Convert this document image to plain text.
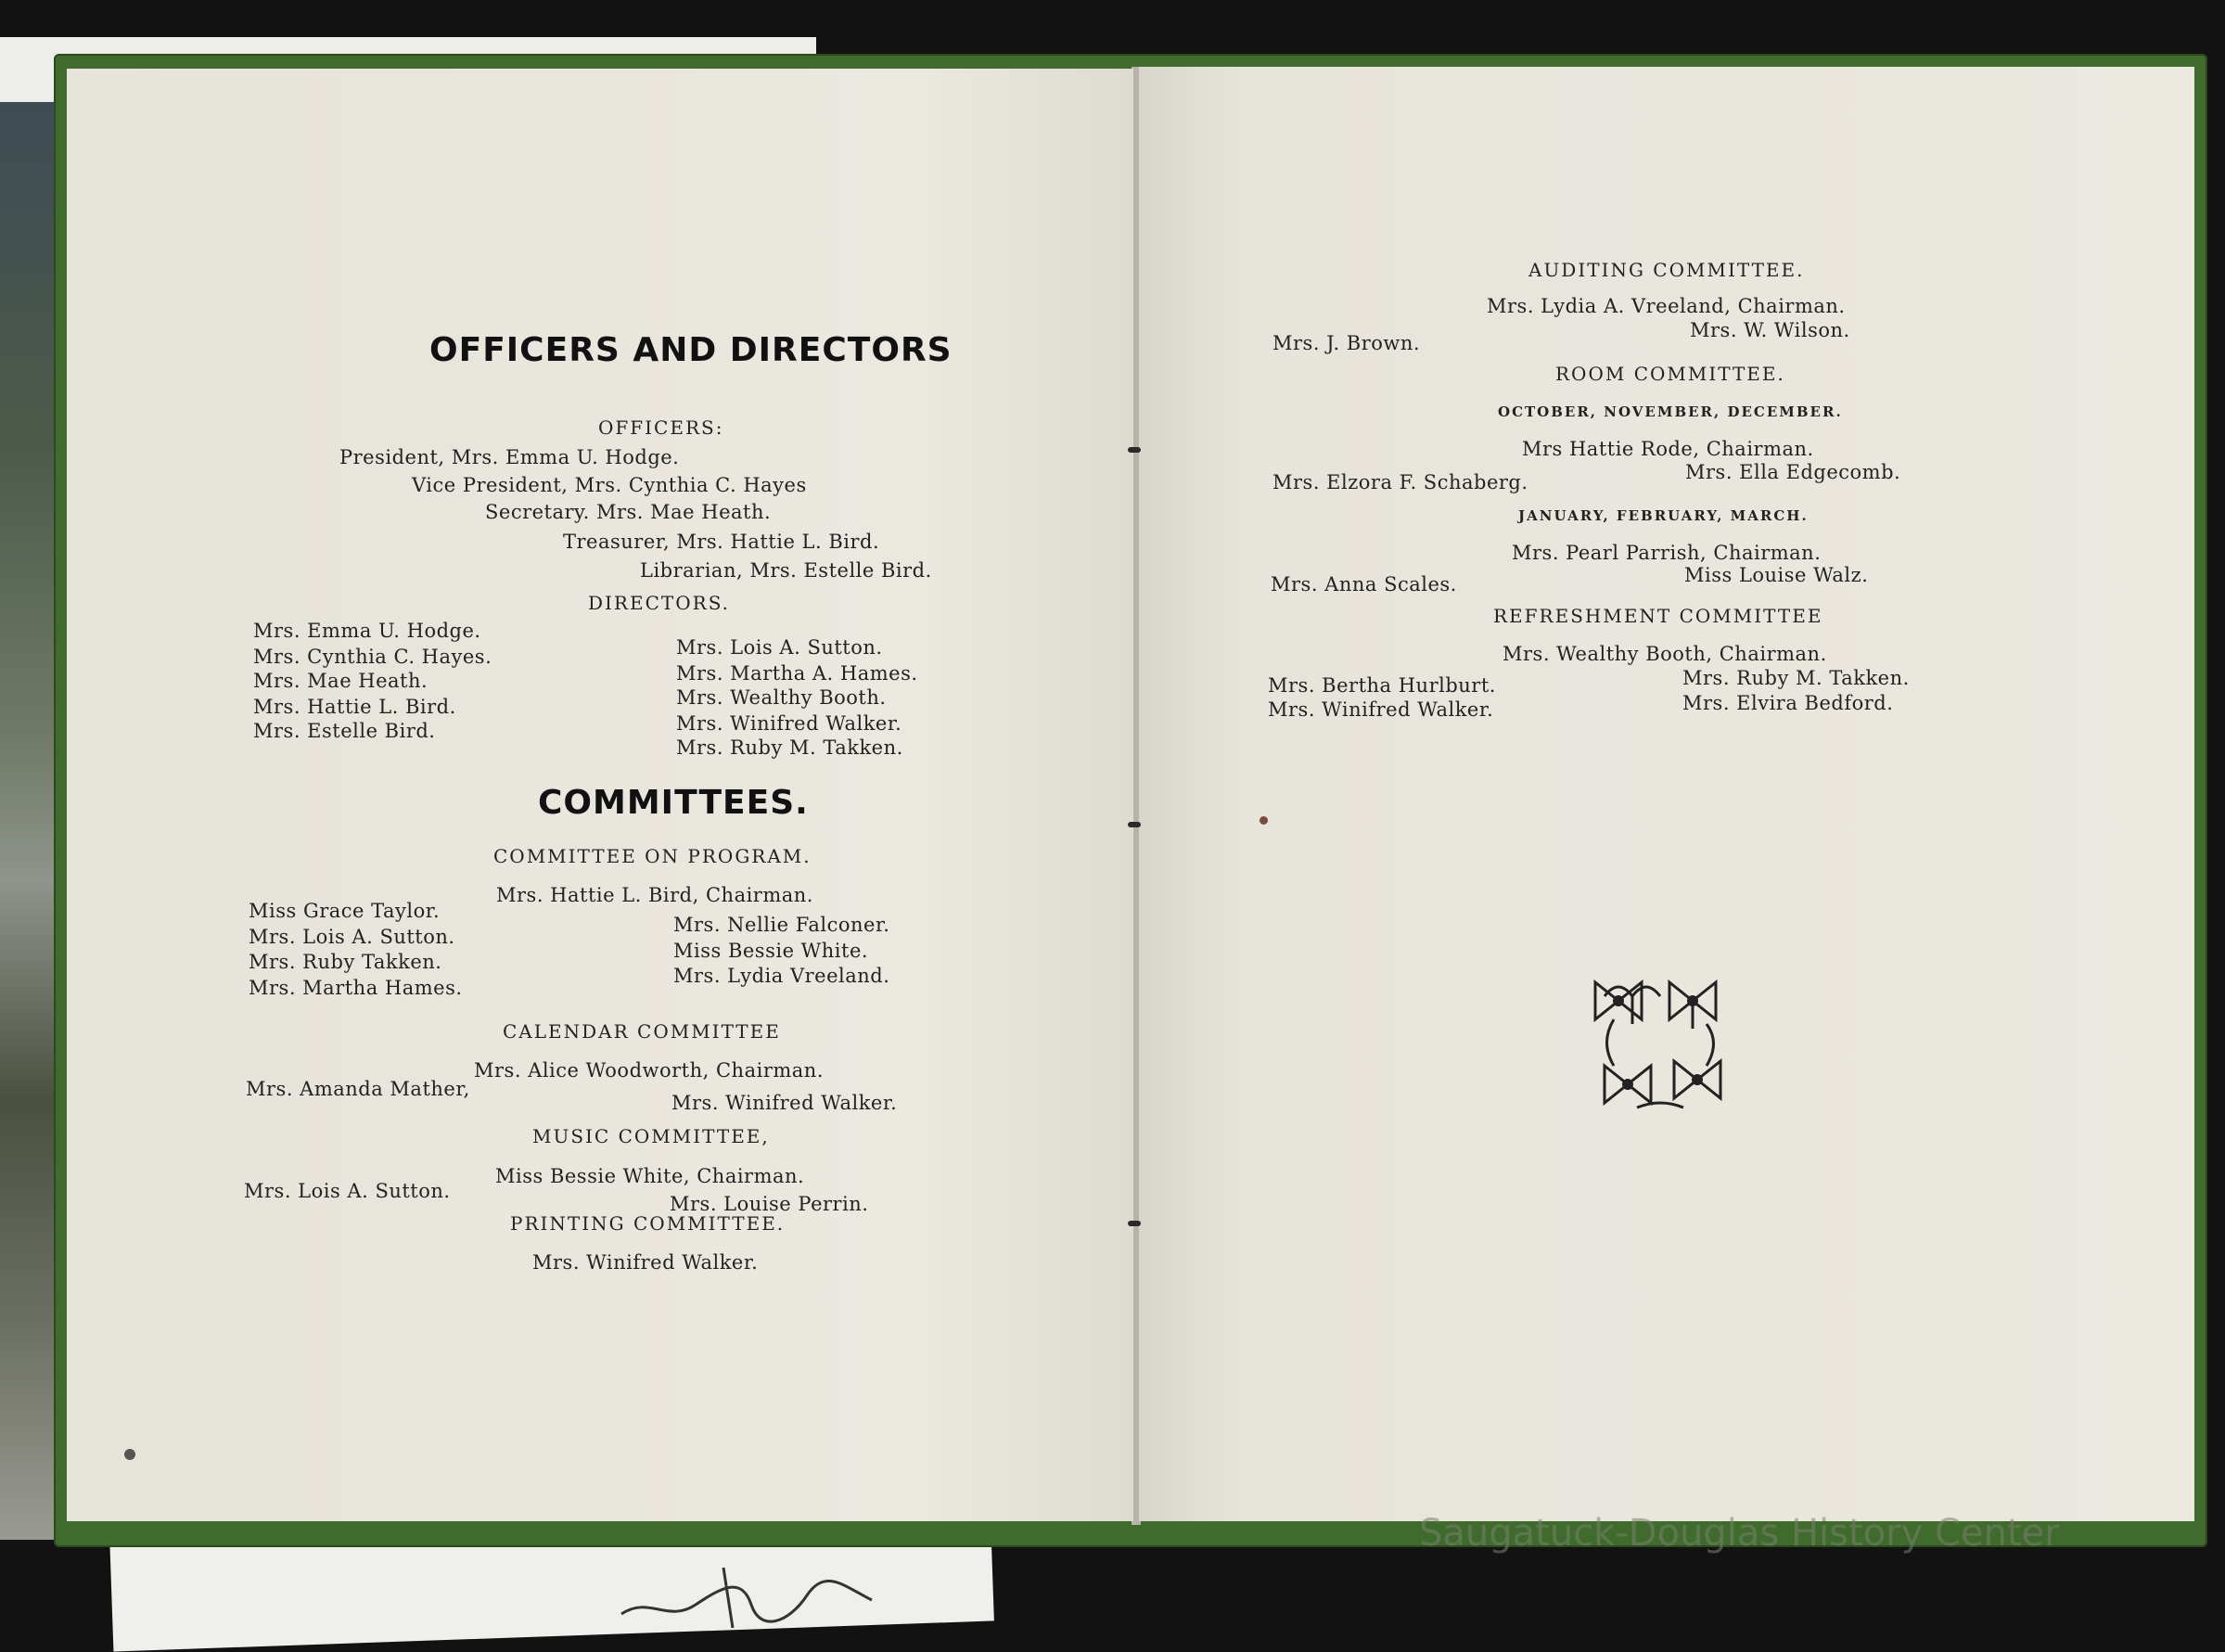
OFFICERS AND DIRECTORS
OFFICERS:
President, Mrs. Emma U. Hodge.
Vice President, Mrs. Cynthia C. Hayes
Secretary. Mrs. Mae Heath.
Treasurer, Mrs. Hattie L. Bird.
Librarian, Mrs. Estelle Bird.
DIRECTORS.
Mrs. Emma U. Hodge.
Mrs. Cynthia C. Hayes.
Mrs. Mae Heath.
Mrs. Hattie L. Bird.
Mrs. Estelle Bird.
Mrs. Lois A. Sutton.
Mrs. Martha A. Hames.
Mrs. Wealthy Booth.
Mrs. Winifred Walker.
Mrs. Ruby M. Takken.
COMMITTEES.
COMMITTEE ON PROGRAM.
Mrs. Hattie L. Bird, Chairman.
Miss Grace Taylor.
Mrs. Lois A. Sutton.
Mrs. Ruby Takken.
Mrs. Martha Hames.
Mrs. Nellie Falconer.
Miss Bessie White.
Mrs. Lydia Vreeland.
CALENDAR COMMITTEE
Mrs. Alice Woodworth, Chairman.
Mrs. Amanda Mather,
Mrs. Winifred Walker.
MUSIC COMMITTEE,
Miss Bessie White, Chairman.
Mrs. Lois A. Sutton.
Mrs. Louise Perrin.
PRINTING COMMITTEE.
Mrs. Winifred Walker.
AUDITING COMMITTEE.
Mrs. Lydia A. Vreeland, Chairman.
Mrs. J. Brown.
Mrs. W. Wilson.
ROOM COMMITTEE.
OCTOBER, NOVEMBER, DECEMBER.
Mrs Hattie Rode, Chairman.
Mrs. Elzora F. Schaberg.	Mrs. Ella Edgecomb.
JANUARY, FEBRUARY, MARCH.
Mrs. Pearl Parrish, Chairman.
Mrs. Anna Scales.	Miss Louise Walz.
REFRESHMENT COMMITTEE
Mrs. Wealthy Booth, Chairman.
Mrs. Bertha Hurlburt.
Mrs. Winifred Walker.
Mrs. Ruby M. Takken.
Mrs. Elvira Bedford.
Saugatuck-Douglas History Center
